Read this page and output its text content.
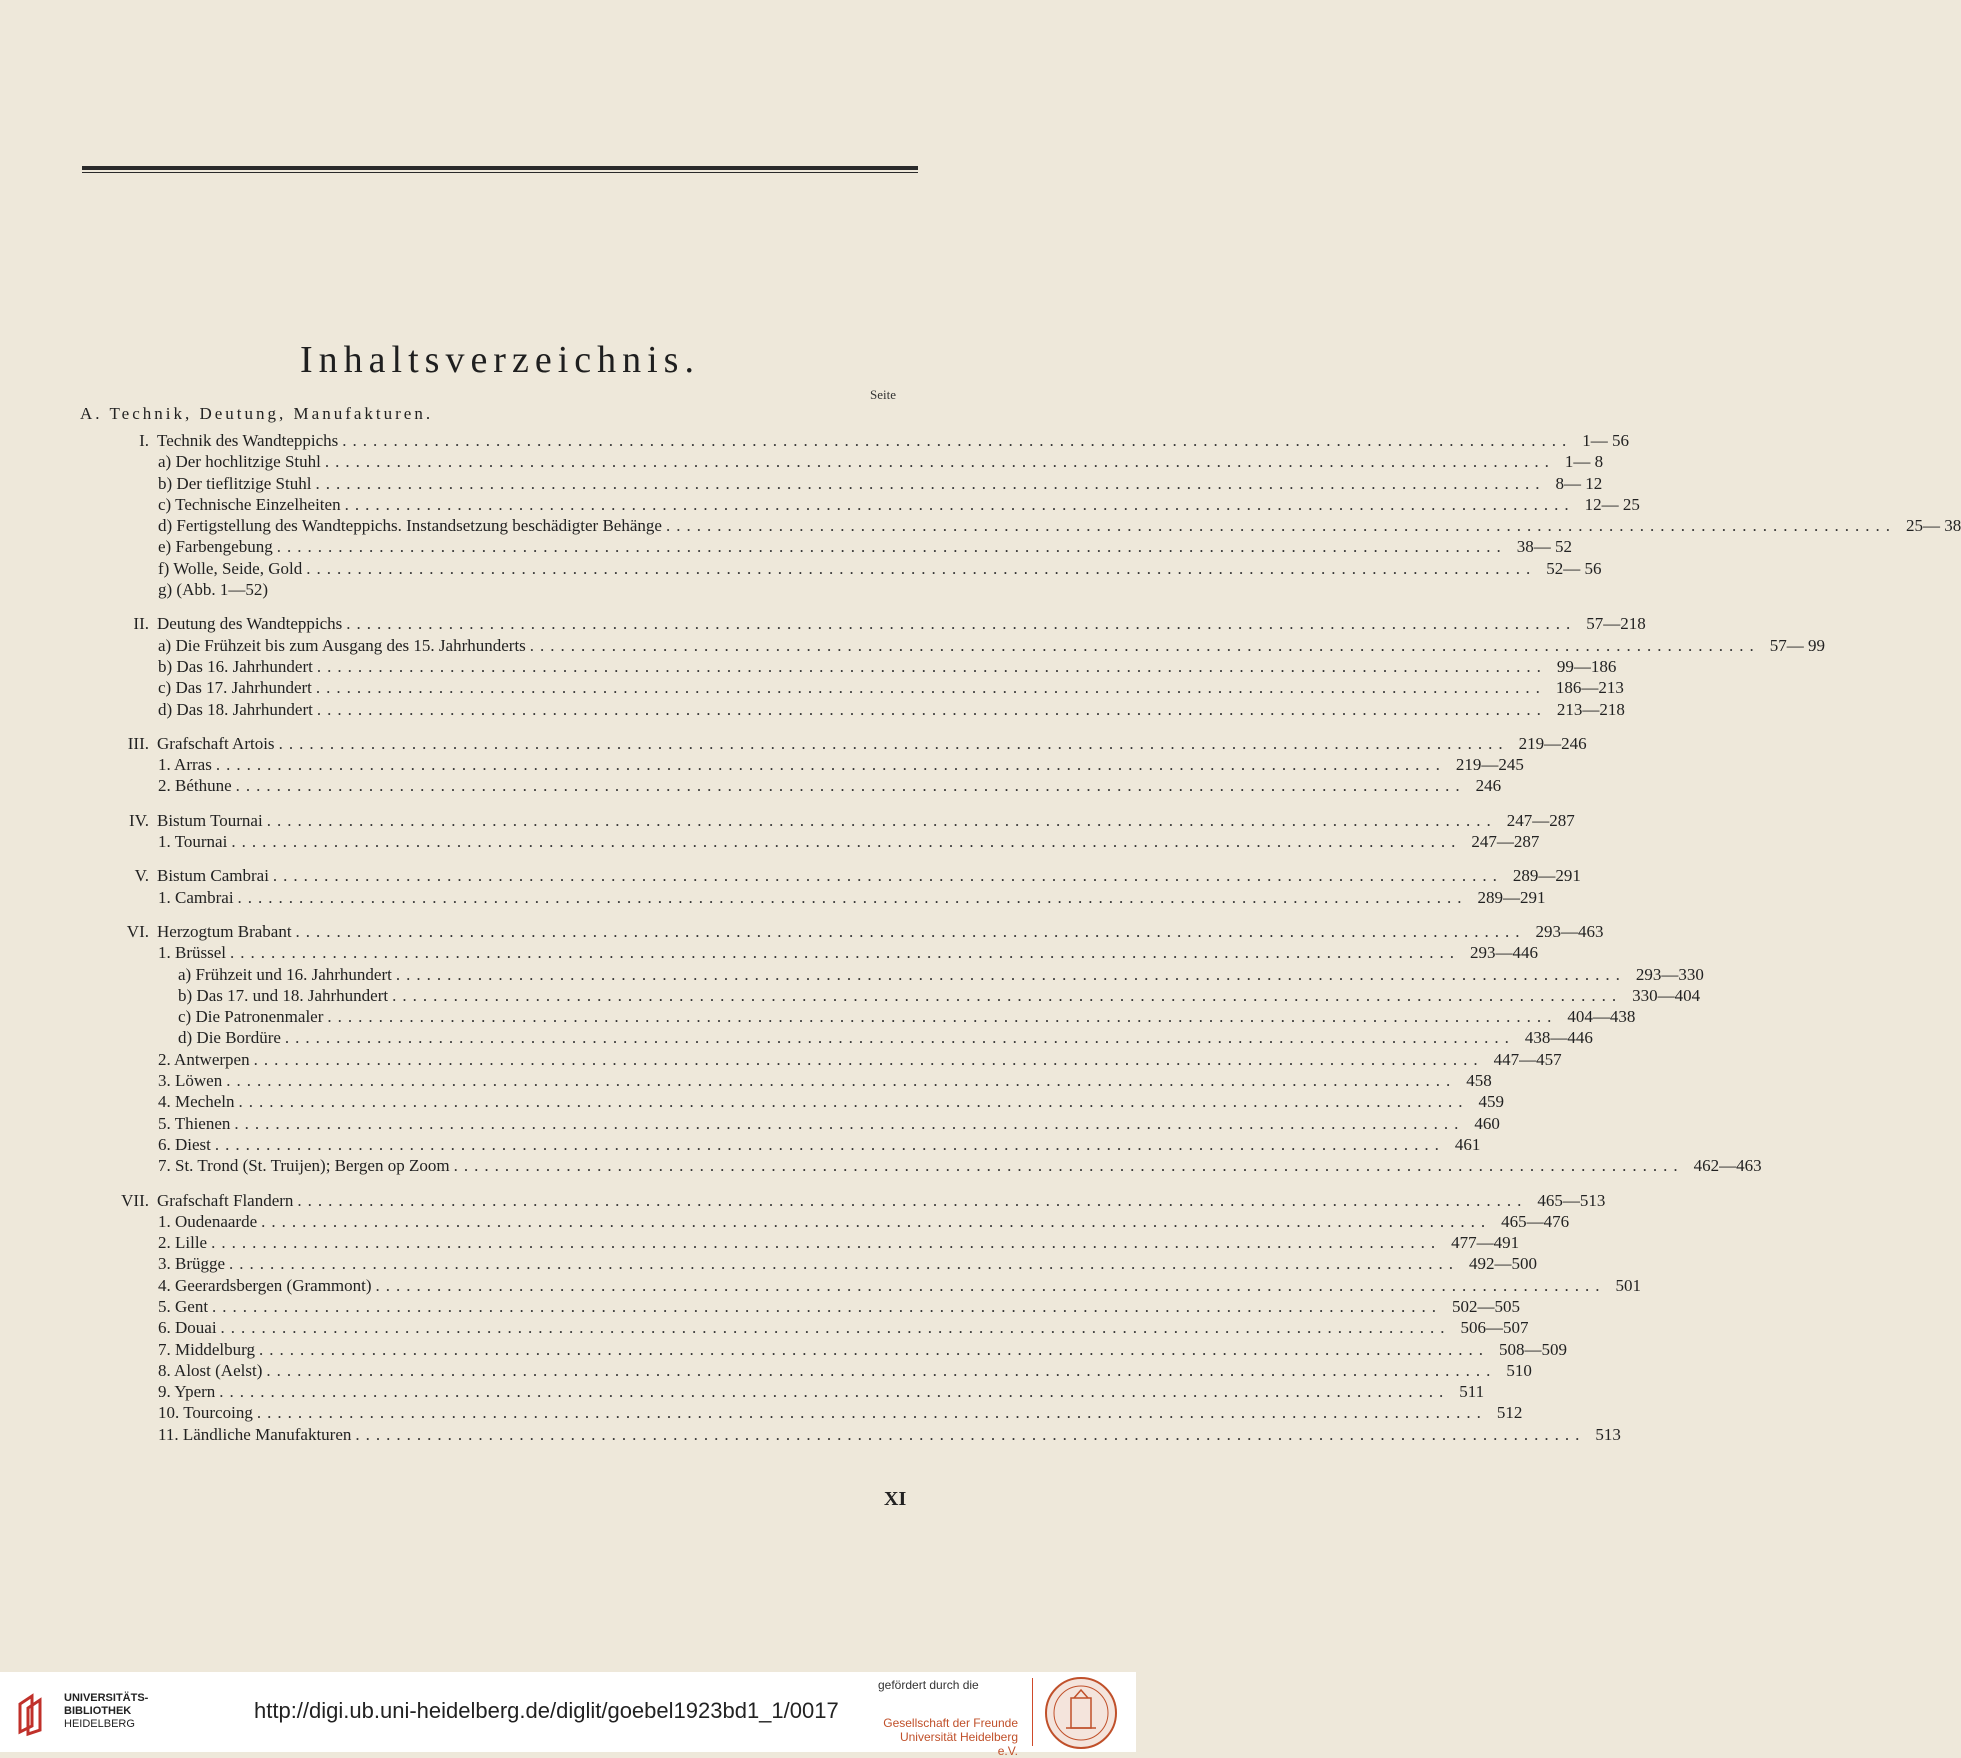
Inhaltsverzeichnis.
Seite
A. Technik, Deutung, Manufakturen.
I. Technik des Wandteppichs ........................................................................................................................ 1— 56
a) Der hochlitzige Stuhl ........................................................................................................................ 1— 8
b) Der tieflitzige Stuhl ........................................................................................................................ 8— 12
c) Technische Einzelheiten ........................................................................................................................ 12— 25
d) Fertigstellung des Wandteppichs. Instandsetzung beschädigter Behänge ........................................................................................................................ 25— 38
e) Farbengebung ........................................................................................................................ 38— 52
f) Wolle, Seide, Gold ........................................................................................................................ 52— 56
g) (Abb. 1—52)
II. Deutung des Wandteppichs ........................................................................................................................ 57—218
a) Die Frühzeit bis zum Ausgang des 15. Jahrhunderts ........................................................................................................................ 57— 99
b) Das 16. Jahrhundert ........................................................................................................................ 99—186
c) Das 17. Jahrhundert ........................................................................................................................ 186—213
d) Das 18. Jahrhundert ........................................................................................................................ 213—218
III. Grafschaft Artois ........................................................................................................................ 219—246
1. Arras ........................................................................................................................ 219—245
2. Béthune ........................................................................................................................ 246
IV. Bistum Tournai ........................................................................................................................ 247—287
1. Tournai ........................................................................................................................ 247—287
V. Bistum Cambrai ........................................................................................................................ 289—291
1. Cambrai ........................................................................................................................ 289—291
VI. Herzogtum Brabant ........................................................................................................................ 293—463
1. Brüssel ........................................................................................................................ 293—446
a) Frühzeit und 16. Jahrhundert ........................................................................................................................ 293—330
b) Das 17. und 18. Jahrhundert ........................................................................................................................ 330—404
c) Die Patronenmaler ........................................................................................................................ 404—438
d) Die Bordüre ........................................................................................................................ 438—446
2. Antwerpen ........................................................................................................................ 447—457
3. Löwen ........................................................................................................................ 458
4. Mecheln ........................................................................................................................ 459
5. Thienen ........................................................................................................................ 460
6. Diest ........................................................................................................................ 461
7. St. Trond (St. Truijen); Bergen op Zoom ........................................................................................................................ 462—463
VII. Grafschaft Flandern ........................................................................................................................ 465—513
1. Oudenaarde ........................................................................................................................ 465—476
2. Lille ........................................................................................................................ 477—491
3. Brügge ........................................................................................................................ 492—500
4. Geerardsbergen (Grammont) ........................................................................................................................ 501
5. Gent ........................................................................................................................ 502—505
6. Douai ........................................................................................................................ 506—507
7. Middelburg ........................................................................................................................ 508—509
8. Alost (Aelst) ........................................................................................................................ 510
9. Ypern ........................................................................................................................ 511
10. Tourcoing ........................................................................................................................ 512
11. Ländliche Manufakturen ........................................................................................................................ 513
XI
UNIVERSITÄTS-
BIBLIOTHEK
HEIDELBERG
http://digi.ub.uni-heidelberg.de/diglit/goebel1923bd1_1/0017
gefördert durch die
Gesellschaft der Freunde
Universität Heidelberg e.V.
